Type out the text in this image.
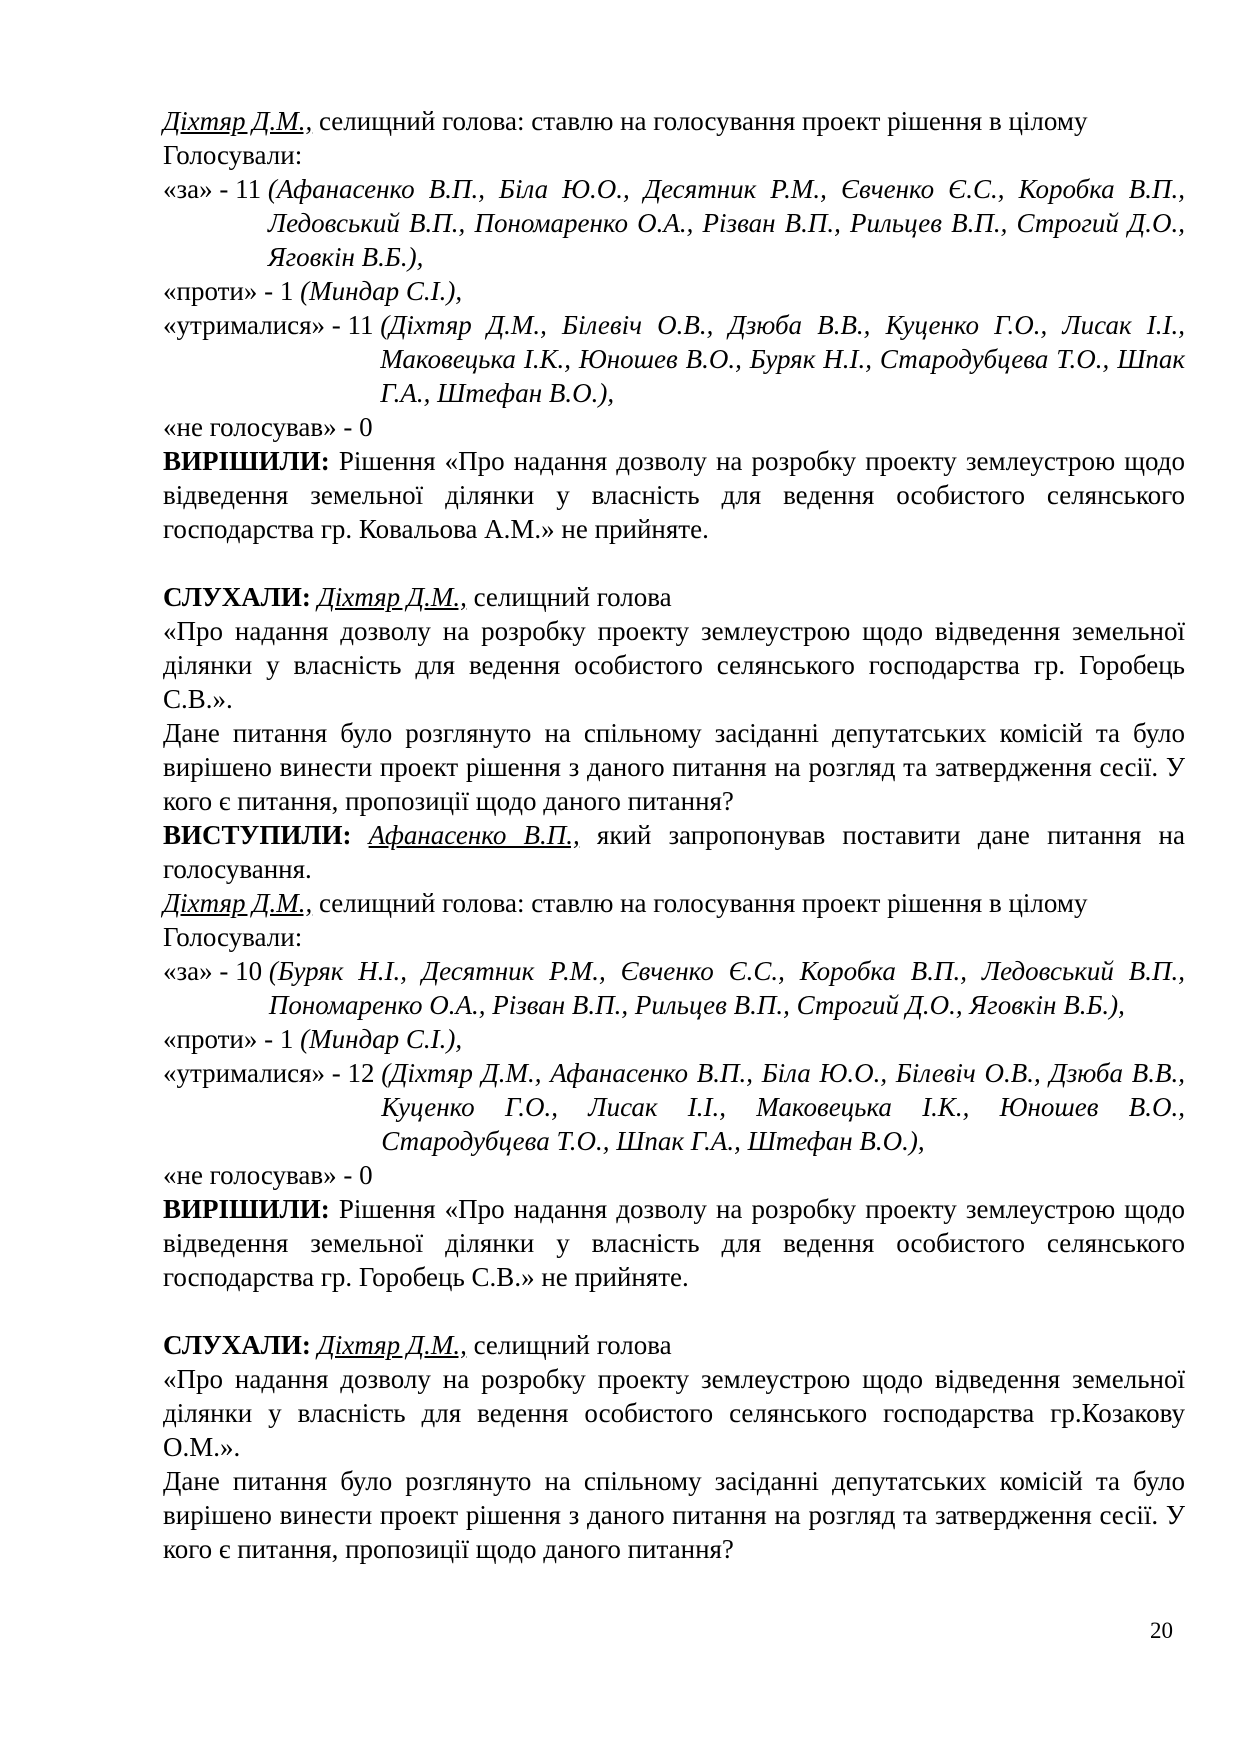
Діхтяр Д.М., селищний голова: ставлю на голосування проект рішення в цілому
Голосували:
«за» - 11 (Афанасенко В.П., Біла Ю.О., Десятник Р.М., Євченко Є.С., Коробка В.П., Ледовський В.П., Пономаренко О.А., Різван В.П., Рильцев В.П., Строгий Д.О., Яговкін В.Б.),
«проти» - 1 (Миндар С.І.),
«утрималися» - 11 (Діхтяр Д.М., Білевіч О.В., Дзюба В.В., Куценко Г.О., Лисак І.І., Маковецька І.К., Юношев В.О., Буряк Н.І., Стародубцева Т.О., Шпак Г.А., Штефан В.О.),
«не голосував» - 0
ВИРІШИЛИ: Рішення «Про надання дозволу на розробку проекту землеустрою щодо відведення земельної ділянки у власність для ведення особистого селянського господарства гр. Ковальова А.М.» не прийняте.
СЛУХАЛИ: Діхтяр Д.М., селищний голова
«Про надання дозволу на розробку проекту землеустрою щодо відведення земельної ділянки у власність для ведення особистого селянського господарства гр. Горобець С.В.».
Дане питання було розглянуто на спільному засіданні депутатських комісій та було вирішено винести проект рішення з даного питання на розгляд та затвердження сесії. У кого є питання, пропозиції щодо даного питання?
ВИСТУПИЛИ: Афанасенко В.П., який запропонував поставити дане питання на голосування.
Діхтяр Д.М., селищний голова: ставлю на голосування проект рішення в цілому
Голосували:
«за» - 10 (Буряк Н.І., Десятник Р.М., Євченко Є.С., Коробка В.П., Ледовський В.П., Пономаренко О.А., Різван В.П., Рильцев В.П., Строгий Д.О., Яговкін В.Б.),
«проти» - 1 (Миндар С.І.),
«утрималися» - 12 (Діхтяр Д.М., Афанасенко В.П., Біла Ю.О., Білевіч О.В., Дзюба В.В., Куценко Г.О., Лисак І.І., Маковецька І.К., Юношев В.О., Стародубцева Т.О., Шпак Г.А., Штефан В.О.),
«не голосував» - 0
ВИРІШИЛИ: Рішення «Про надання дозволу на розробку проекту землеустрою щодо відведення земельної ділянки у власність для ведення особистого селянського господарства гр. Горобець С.В.» не прийняте.
СЛУХАЛИ: Діхтяр Д.М., селищний голова
«Про надання дозволу на розробку проекту землеустрою щодо відведення земельної ділянки у власність для ведення особистого селянського господарства гр.Козакову О.М.».
Дане питання було розглянуто на спільному засіданні депутатських комісій та було вирішено винести проект рішення з даного питання на розгляд та затвердження сесії. У кого є питання, пропозиції щодо даного питання?
20
